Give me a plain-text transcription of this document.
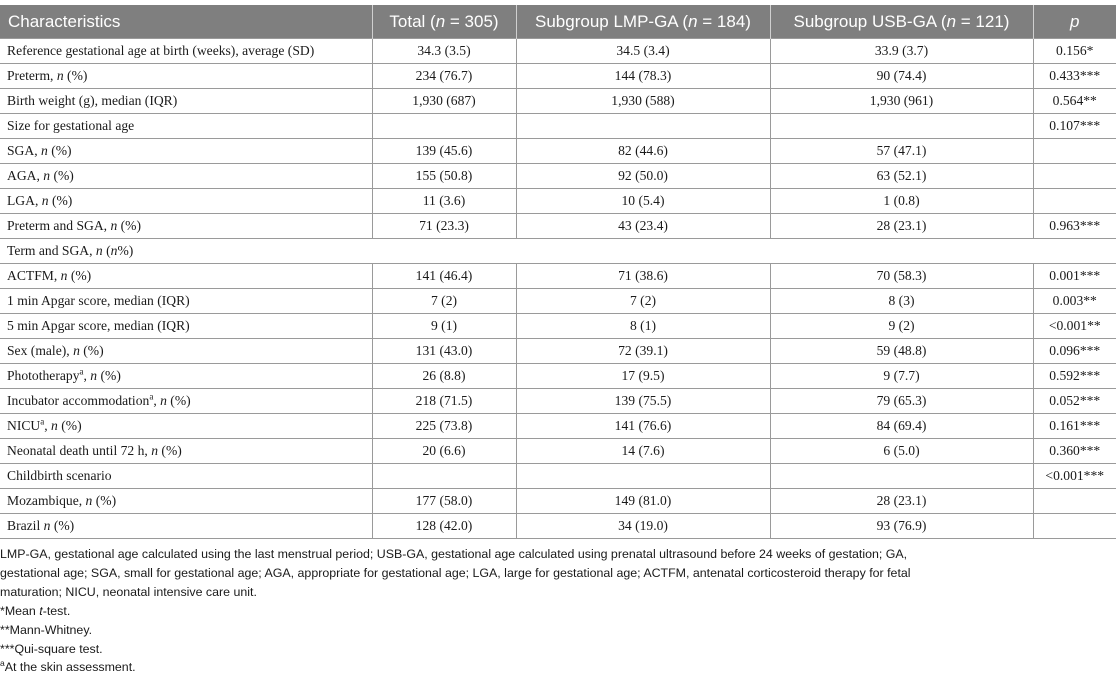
Characteristics	Total (n = 305)	Subgroup LMP-GA (n = 184)	Subgroup USB-GA (n = 121)	p
Reference gestational age at birth (weeks), average (SD)	34.3 (3.5)	34.5 (3.4)	33.9 (3.7)	0.156*
Preterm, n (%)	234 (76.7)	144 (78.3)	90 (74.4)	0.433***
Birth weight (g), median (IQR)	1,930 (687)	1,930 (588)	1,930 (961)	0.564**
Size for gestational age				0.107***
SGA, n (%)	139 (45.6)	82 (44.6)	57 (47.1)	
AGA, n (%)	155 (50.8)	92 (50.0)	63 (52.1)	
LGA, n (%)	11 (3.6)	10 (5.4)	1 (0.8)	
Preterm and SGA, n (%)	71 (23.3)	43 (23.4)	28 (23.1)	0.963***
Term and SGA, n (n%)				
ACTFM, n (%)	141 (46.4)	71 (38.6)	70 (58.3)	0.001***
1 min Apgar score, median (IQR)	7 (2)	7 (2)	8 (3)	0.003**
5 min Apgar score, median (IQR)	9 (1)	8 (1)	9 (2)	<0.001**
Sex (male), n (%)	131 (43.0)	72 (39.1)	59 (48.8)	0.096***
Phototherapy$^a$, n (%)	26 (8.8)	17 (9.5)	9 (7.7)	0.592***
Incubator accommodation$^a$, n (%)	218 (71.5)	139 (75.5)	79 (65.3)	0.052***
NICU$^a$, n (%)	225 (73.8)	141 (76.6)	84 (69.4)	0.161***
Neonatal death until 72 h, n (%)	20 (6.6)	14 (7.6)	6 (5.0)	0.360***
Childbirth scenario				<0.001***
Mozambique, n (%)	177 (58.0)	149 (81.0)	28 (23.1)	
Brazil n (%)	128 (42.0)	34 (19.0)	93 (76.9)	

LMP-GA, gestational age calculated using the last menstrual period; USB-GA, gestational age calculated using prenatal ultrasound before 24 weeks of gestation; GA,

gestational age; SGA, small for gestational age; AGA, appropriate for gestational age; LGA, large for gestational age; ACTFM, antenatal corticosteroid therapy for fetal

maturation; NICU, neonatal intensive care unit.

*Mean t-test.

**Mann-Whitney.

***Qui-square test.

$^a$At the skin assessment.
